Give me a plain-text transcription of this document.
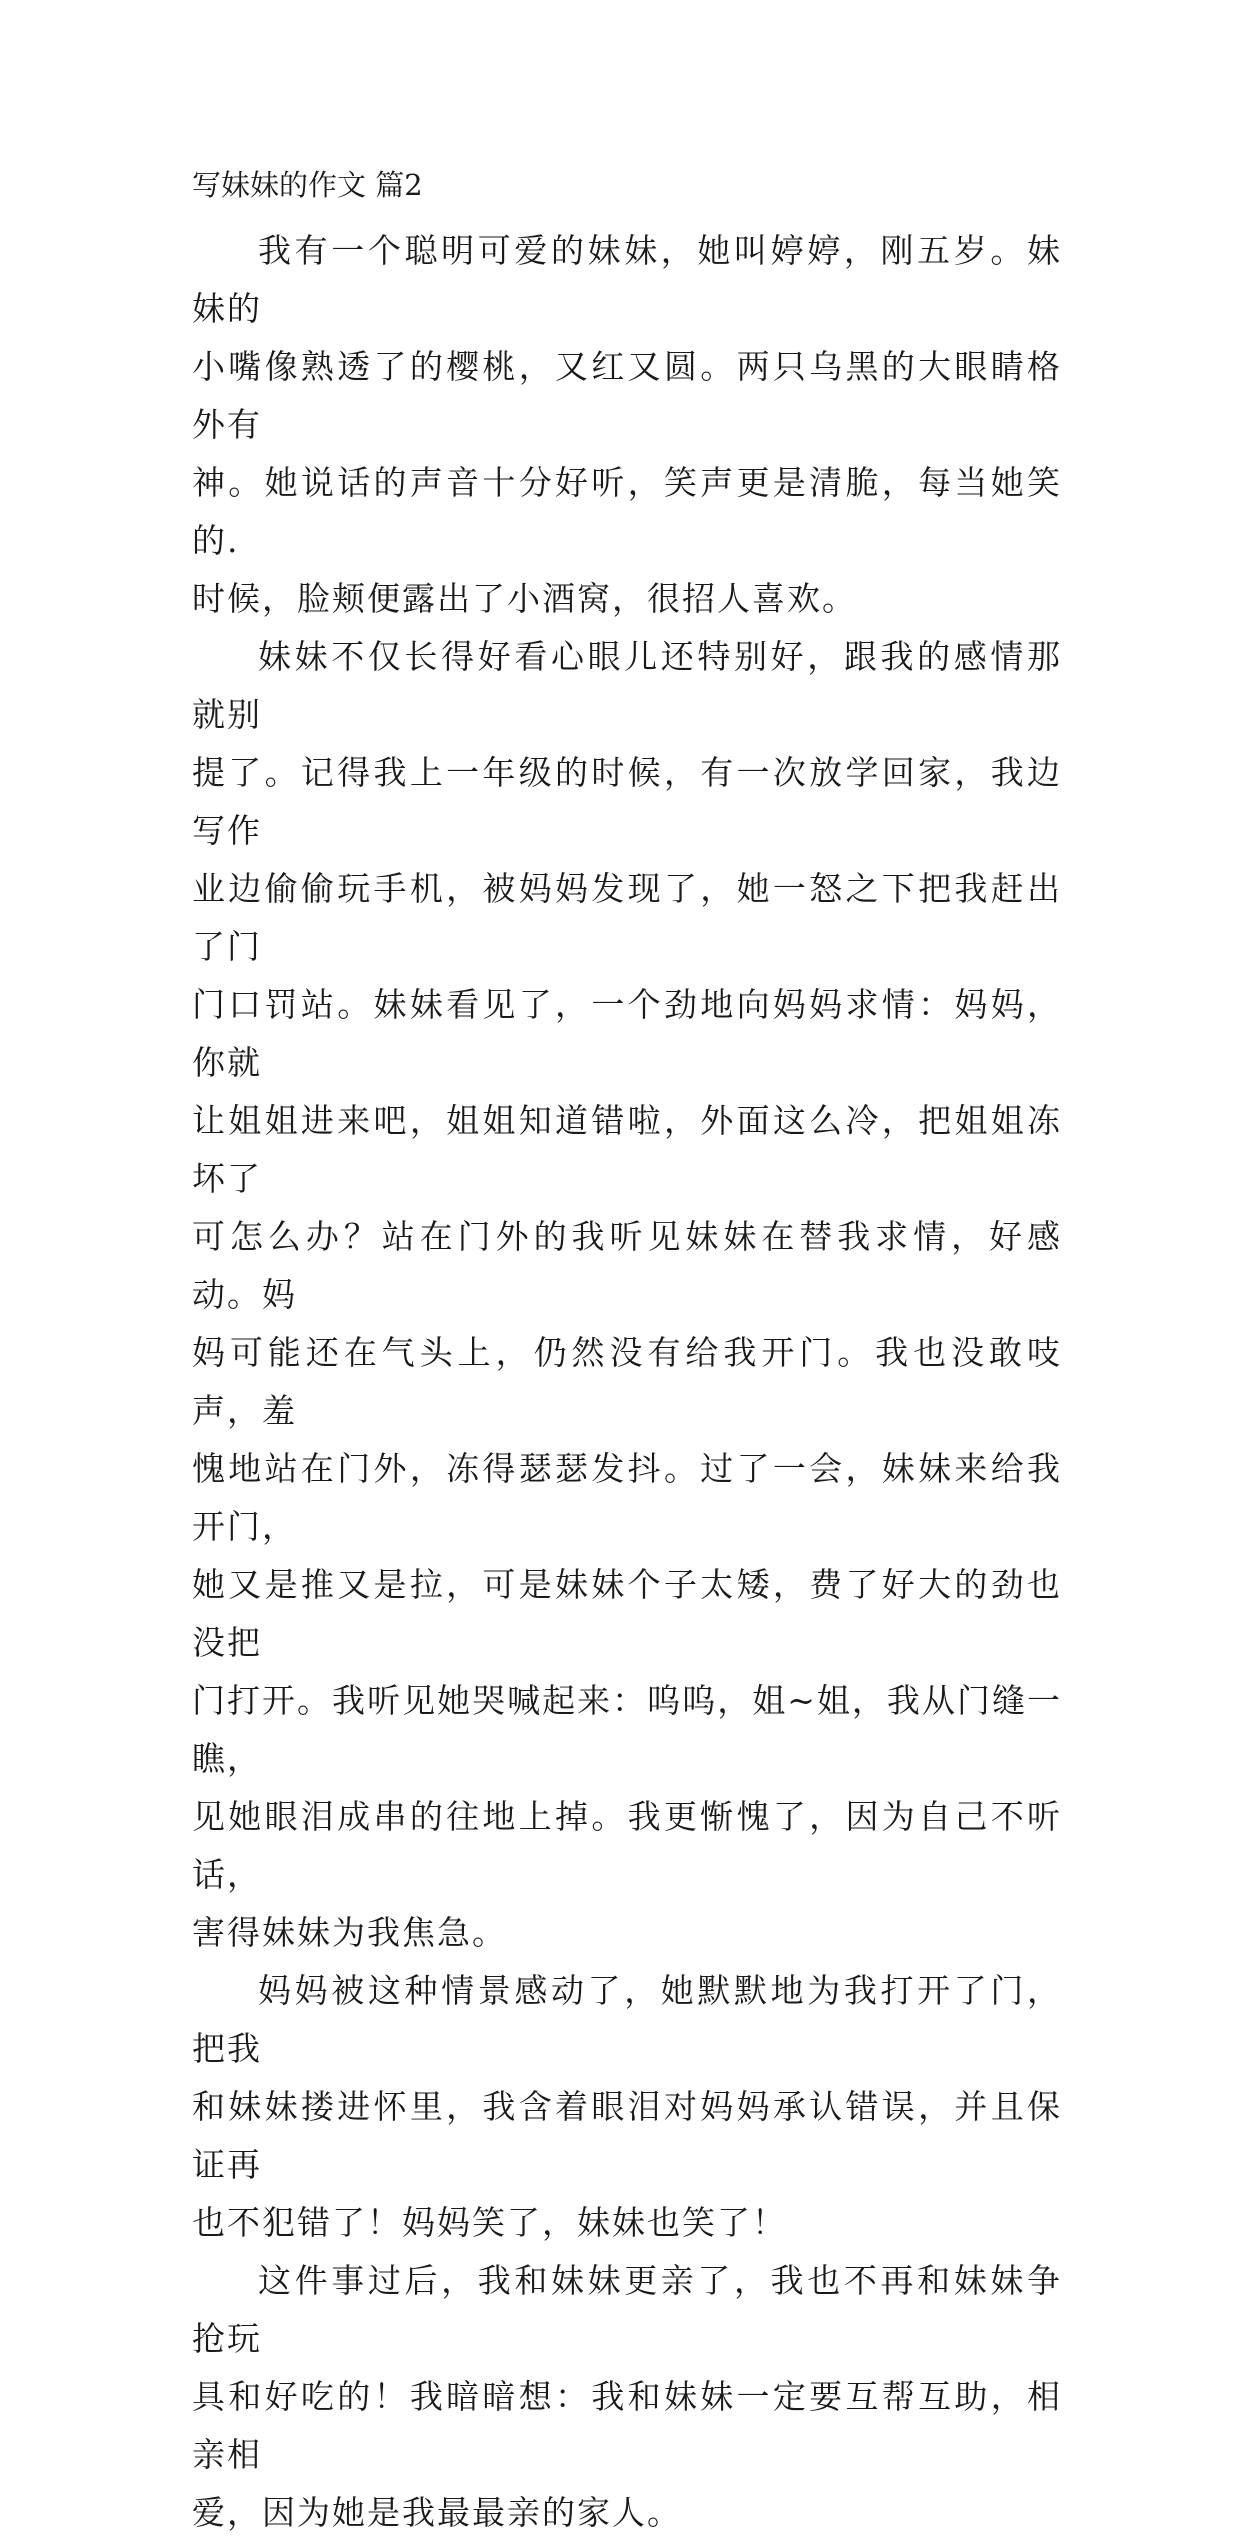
写妹妹的作文 篇2

我有一个聪明可爱的妹妹，她叫婷婷，刚五岁。妹妹的
小嘴像熟透了的樱桃，又红又圆。两只乌黑的大眼睛格外有
神。她说话的声音十分好听，笑声更是清脆，每当她笑的.
时候，脸颊便露出了小酒窝，很招人喜欢。

妹妹不仅长得好看心眼儿还特别好，跟我的感情那就别
提了。记得我上一年级的时候，有一次放学回家，我边写作
业边偷偷玩手机，被妈妈发现了，她一怒之下把我赶出了门
门口罚站。妹妹看见了，一个劲地向妈妈求情：妈妈，你就
让姐姐进来吧，姐姐知道错啦，外面这么冷，把姐姐冻坏了
可怎么办？站在门外的我听见妹妹在替我求情，好感动。妈
妈可能还在气头上，仍然没有给我开门。我也没敢吱声，羞
愧地站在门外，冻得瑟瑟发抖。过了一会，妹妹来给我开门，
她又是推又是拉，可是妹妹个子太矮，费了好大的劲也没把
门打开。我听见她哭喊起来：呜呜，姐~姐，我从门缝一瞧，
见她眼泪成串的往地上掉。我更惭愧了，因为自己不听话，
害得妹妹为我焦急。

妈妈被这种情景感动了，她默默地为我打开了门，把我
和妹妹搂进怀里，我含着眼泪对妈妈承认错误，并且保证再
也不犯错了！妈妈笑了，妹妹也笑了！

这件事过后，我和妹妹更亲了，我也不再和妹妹争抢玩
具和好吃的！我暗暗想：我和妹妹一定要互帮互助，相亲相
爱，因为她是我最最亲的家人。
